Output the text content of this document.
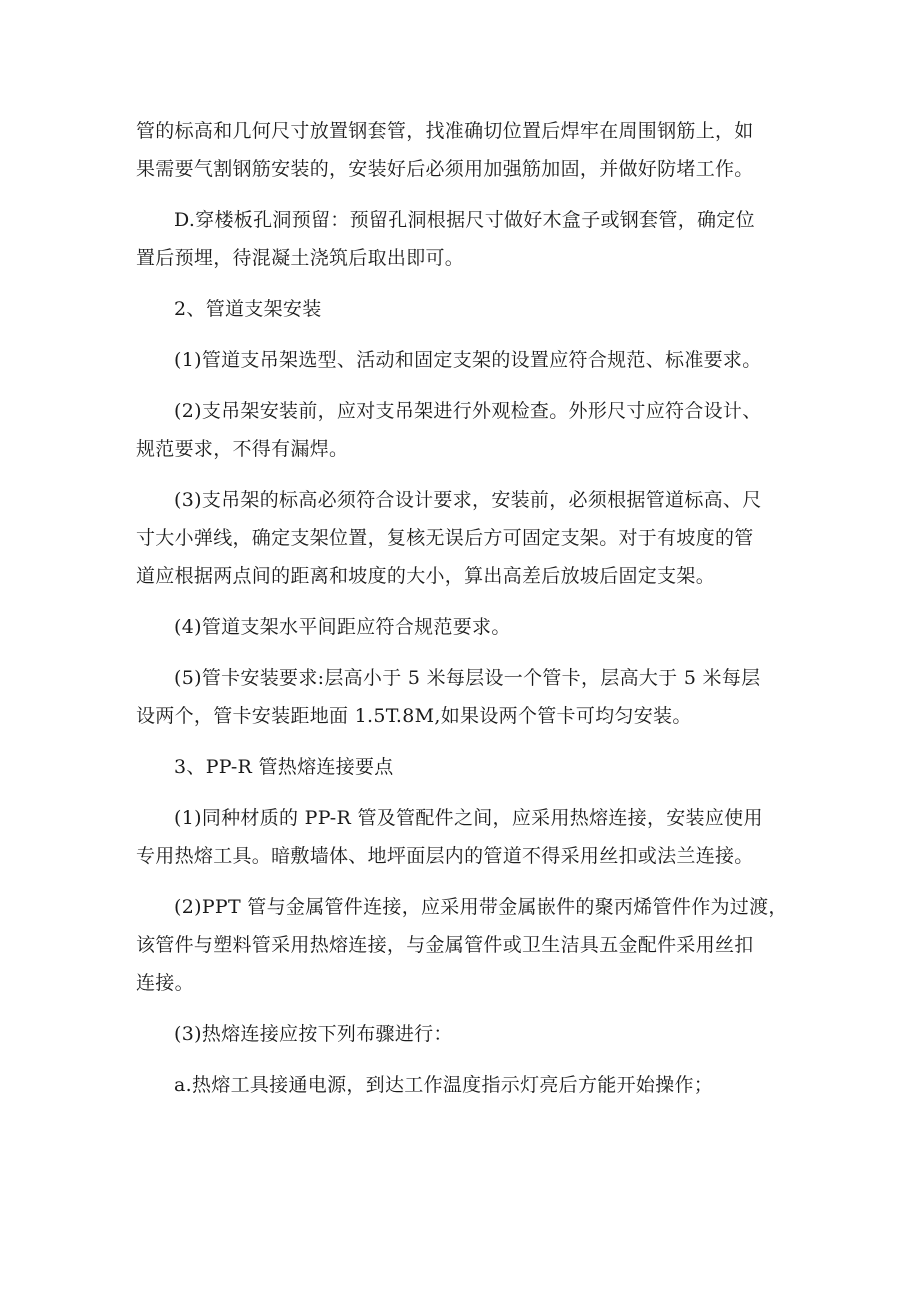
管的标高和几何尺寸放置钢套管，找准确切位置后焊牢在周围钢筋上，如
果需要气割钢筋安装的，安装好后必须用加强筋加固，并做好防堵工作。

D.穿楼板孔洞预留：预留孔洞根据尺寸做好木盒子或钢套管，确定位
置后预埋，待混凝土浇筑后取出即可。

2、管道支架安装

(1)管道支吊架选型、活动和固定支架的设置应符合规范、标准要求。

(2)支吊架安装前，应对支吊架进行外观检查。外形尺寸应符合设计、
规范要求，不得有漏焊。

(3)支吊架的标高必须符合设计要求，安装前，必须根据管道标高、尺
寸大小弹线，确定支架位置，复核无误后方可固定支架。对于有坡度的管
道应根据两点间的距离和坡度的大小，算出高差后放坡后固定支架。

(4)管道支架水平间距应符合规范要求。

(5)管卡安装要求:层高小于 5 米每层设一个管卡，层高大于 5 米每层
设两个，管卡安装距地面 1.5T.8M,如果设两个管卡可均匀安装。

3、PP-R 管热熔连接要点

(1)同种材质的 PP-R 管及管配件之间，应采用热熔连接，安装应使用
专用热熔工具。暗敷墙体、地坪面层内的管道不得采用丝扣或法兰连接。

(2)PPT 管与金属管件连接，应采用带金属嵌件的聚丙烯管件作为过渡，
该管件与塑料管采用热熔连接，与金属管件或卫生洁具五金配件采用丝扣
连接。

(3)热熔连接应按下列布骤进行：

a.热熔工具接通电源，到达工作温度指示灯亮后方能开始操作；
